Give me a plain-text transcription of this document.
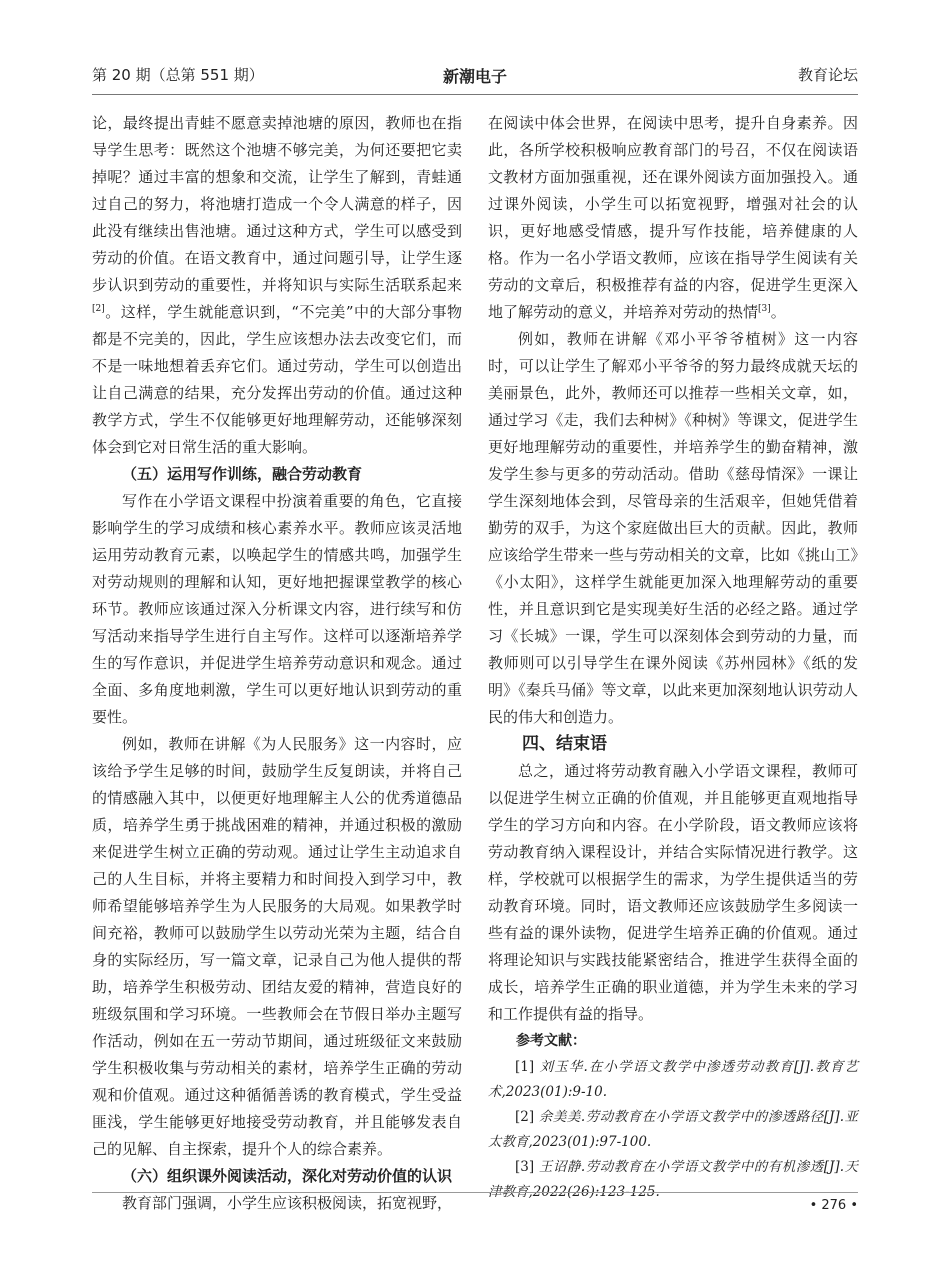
第 20 期（总第 551 期）	新潮电子	教育论坛

论，最终提出青蛙不愿意卖掉池塘的原因，教师也在指导学生思考：既然这个池塘不够完美，为何还要把它卖掉呢？通过丰富的想象和交流，让学生了解到，青蛙通过自己的努力，将池塘打造成一个令人满意的样子，因此没有继续出售池塘。通过这种方式，学生可以感受到劳动的价值。在语文教育中，通过问题引导，让学生逐步认识到劳动的重要性，并将知识与实际生活联系起来[2]。这样，学生就能意识到，“不完美”中的大部分事物都是不完美的，因此，学生应该想办法去改变它们，而不是一味地想着丢弃它们。通过劳动，学生可以创造出让自己满意的结果，充分发挥出劳动的价值。通过这种教学方式，学生不仅能够更好地理解劳动，还能够深刻体会到它对日常生活的重大影响。

（五）运用写作训练，融合劳动教育

写作在小学语文课程中扮演着重要的角色，它直接影响学生的学习成绩和核心素养水平。教师应该灵活地运用劳动教育元素，以唤起学生的情感共鸣，加强学生对劳动规则的理解和认知，更好地把握课堂教学的核心环节。教师应该通过深入分析课文内容，进行续写和仿写活动来指导学生进行自主写作。这样可以逐渐培养学生的写作意识，并促进学生培养劳动意识和观念。通过全面、多角度地刺激，学生可以更好地认识到劳动的重要性。

例如，教师在讲解《为人民服务》这一内容时，应该给予学生足够的时间，鼓励学生反复朗读，并将自己的情感融入其中，以便更好地理解主人公的优秀道德品质，培养学生勇于挑战困难的精神，并通过积极的激励来促进学生树立正确的劳动观。通过让学生主动追求自己的人生目标，并将主要精力和时间投入到学习中，教师希望能够培养学生为人民服务的大局观。如果教学时间充裕，教师可以鼓励学生以劳动光荣为主题，结合自身的实际经历，写一篇文章，记录自己为他人提供的帮助，培养学生积极劳动、团结友爱的精神，营造良好的班级氛围和学习环境。一些教师会在节假日举办主题写作活动，例如在五一劳动节期间，通过班级征文来鼓励学生积极收集与劳动相关的素材，培养学生正确的劳动观和价值观。通过这种循循善诱的教育模式，学生受益匪浅，学生能够更好地接受劳动教育，并且能够发表自己的见解、自主探索，提升个人的综合素养。

（六）组织课外阅读活动，深化对劳动价值的认识

教育部门强调，小学生应该积极阅读，拓宽视野，

在阅读中体会世界，在阅读中思考，提升自身素养。因此，各所学校积极响应教育部门的号召，不仅在阅读语文教材方面加强重视，还在课外阅读方面加强投入。通过课外阅读，小学生可以拓宽视野，增强对社会的认识，更好地感受情感，提升写作技能，培养健康的人格。作为一名小学语文教师，应该在指导学生阅读有关劳动的文章后，积极推荐有益的内容，促进学生更深入地了解劳动的意义，并培养对劳动的热情[3]。

例如，教师在讲解《邓小平爷爷植树》这一内容时，可以让学生了解邓小平爷爷的努力最终成就天坛的美丽景色，此外，教师还可以推荐一些相关文章，如，通过学习《走，我们去种树》《种树》等课文，促进学生更好地理解劳动的重要性，并培养学生的勤奋精神，激发学生参与更多的劳动活动。借助《慈母情深》一课让学生深刻地体会到，尽管母亲的生活艰辛，但她凭借着勤劳的双手，为这个家庭做出巨大的贡献。因此，教师应该给学生带来一些与劳动相关的文章，比如《挑山工》《小太阳》，这样学生就能更加深入地理解劳动的重要性，并且意识到它是实现美好生活的必经之路。通过学习《长城》一课，学生可以深刻体会到劳动的力量，而教师则可以引导学生在课外阅读《苏州园林》《纸的发明》《秦兵马俑》等文章，以此来更加深刻地认识劳动人民的伟大和创造力。

四、结束语

总之，通过将劳动教育融入小学语文课程，教师可以促进学生树立正确的价值观，并且能够更直观地指导学生的学习方向和内容。在小学阶段，语文教师应该将劳动教育纳入课程设计，并结合实际情况进行教学。这样，学校就可以根据学生的需求，为学生提供适当的劳动教育环境。同时，语文教师还应该鼓励学生多阅读一些有益的课外读物，促进学生培养正确的价值观。通过将理论知识与实践技能紧密结合，推进学生获得全面的成长，培养学生正确的职业道德，并为学生未来的学习和工作提供有益的指导。

参考文献：

[1] 刘玉华.在小学语文教学中渗透劳动教育[J].教育艺术,2023(01):9-10.

[2] 余美美.劳动教育在小学语文教学中的渗透路径[J].亚太教育,2023(01):97-100.

[3] 王诏静.劳动教育在小学语文教学中的有机渗透[J].天津教育,2022(26):123-125.

• 276 •
